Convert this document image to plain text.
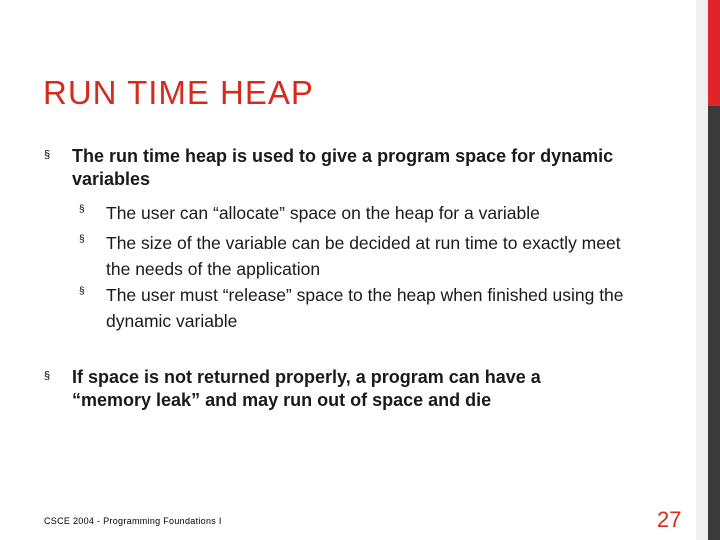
RUN TIME HEAP
§ The run time heap is used to give a program space for dynamic variables
§ The user can “allocate” space on the heap for a variable
§ The size of the variable can be decided at run time to exactly meet the needs of the application
§ The user must “release” space to the heap when finished using the dynamic variable
§ If space is not returned properly, a program can have a “memory leak” and may run out of space and die
CSCE 2004 - Programming Foundations I	27
